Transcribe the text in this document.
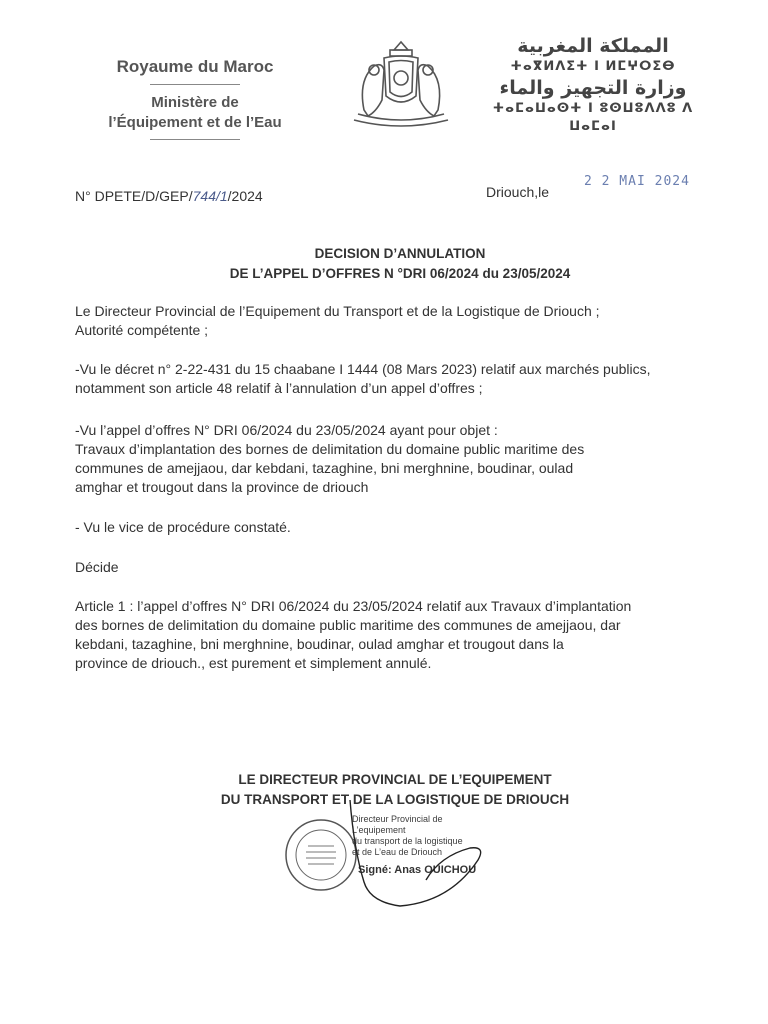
Royaume du Maroc
Ministère de
l’Équipement et de l’Eau
المملكة المغربية
ⵜⴰⴳⵍⴷⵉⵜ ⵏ ⵍⵎⵖⵔⵉⴱ
وزارة التجهيز والماء
ⵜⴰⵎⴰⵡⴰⵙⵜ ⵏ ⵓⵙⵡⵓⴷⴷⵓ ⴷ ⵡⴰⵎⴰⵏ
N° DPETE/D/GEP/744/1/2024	Driouch,le
2 2 MAI 2024
DECISION D’ANNULATION
DE L’APPEL D’OFFRES N °DRI 06/2024 du 23/05/2024

Le Directeur Provincial de l’Equipement du Transport et de la Logistique de Driouch ;

Autorité compétente ;

-Vu le décret n° 2-22-431 du 15 chaabane I 1444 (08 Mars 2023) relatif aux marchés publics,

notamment son article 48 relatif à l’annulation d’un appel d’offres ;

-Vu l’appel d’offres N° DRI 06/2024 du 23/05/2024 ayant pour objet :

Travaux d’implantation des bornes de delimitation du domaine public maritime des

communes de amejjaou, dar kebdani, tazaghine, bni merghnine, boudinar, oulad

amghar et trougout dans la province de driouch

- Vu le vice de procédure constaté.

Décide

Article 1 : l’appel d’offres N° DRI 06/2024 du 23/05/2024 relatif aux Travaux d’implantation

des bornes de delimitation du domaine public maritime des communes de amejjaou, dar

kebdani, tazaghine, bni merghnine, boudinar, oulad amghar et trougout dans la

province de driouch., est purement et simplement annulé.

LE DIRECTEUR PROVINCIAL DE L’EQUIPEMENT
DU TRANSPORT ET DE LA LOGISTIQUE DE DRIOUCH
Directeur Provincial de L’equipement
du transport de la logistique
et de L’eau de Driouch
Signé: Anas OUICHOU
